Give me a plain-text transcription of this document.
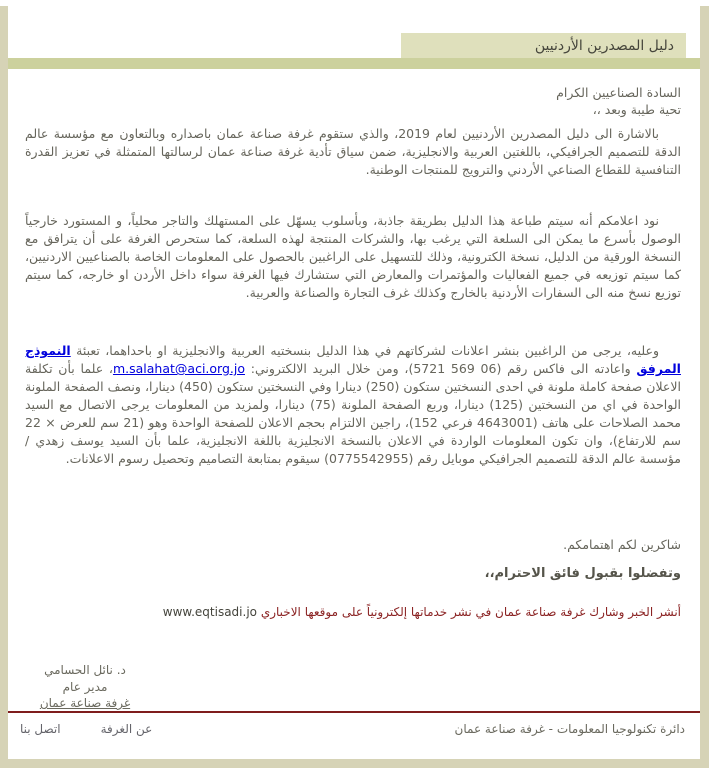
دليل المصدرين الأردنيين
السادة الصناعيين الكرام
تحية طيبة وبعد ،،

بالاشارة الى دليل المصدرين الأردنيين لعام 2019، والذي ستقوم غرفة صناعة عمان باصداره وبالتعاون مع مؤسسة عالم الدقة للتصميم الجرافيكي، باللغتين العربية والانجليزية، ضمن سياق تأدية غرفة صناعة عمان لرسالتها المتمثلة في تعزيز القدرة التنافسية للقطاع الصناعي الأردني والترويج للمنتجات الوطنية.

نود اعلامكم أنه سيتم طباعة هذا الدليل بطريقة جاذبة، وبأسلوب يسهّل على المستهلك والتاجر محلياً، و المستورد خارجياً الوصول بأسرع ما يمكن الى السلعة التي يرغب بها، والشركات المنتجة لهذه السلعة، كما ستحرص الغرفة على أن يترافق مع النسخة الورقية من الدليل، نسخة الكترونية، وذلك للتسهيل على الراغبين بالحصول على المعلومات الخاصة بالصناعيين الاردنيين، كما سيتم توزيعه في جميع الفعاليات والمؤتمرات والمعارض التي ستشارك فيها الغرفة سواء داخل الأردن او خارجه، كما سيتم توزيع نسخ منه الى السفارات الأردنية بالخارج وكذلك غرف التجارة والصناعة والعربية.

وعليه، يرجى من الراغبين بنشر اعلانات لشركاتهم في هذا الدليل بنسختيه العربية والانجليزية او باحداهما، تعبئة النموذج المرفق واعادته الى فاكس رقم (06 569 5721)، ومن خلال البريد الالكتروني: m.salahat@aci.org.jo، علما بأن تكلفة الاعلان صفحة كاملة ملونة في احدى النسختين ستكون (250) دينارا وفي النسختين ستكون (450) دينارا، ونصف الصفحة الملونة الواحدة في اي من النسختين (125) دينارا، وربع الصفحة الملونة (75) دينارا، ولمزيد من المعلومات يرجى الاتصال مع السيد محمد الصلاحات على هاتف (4643001 فرعي 152)، راجين الالتزام بحجم الاعلان للصفحة الواحدة وهو (21 سم للعرض × 22 سم للارتفاع)، وان تكون المعلومات الواردة في الاعلان بالنسخة الانجليزية باللغة الانجليزية، علما بأن السيد يوسف زهدي / مؤسسة عالم الدقة للتصميم الجرافيكي موبايل رقم (0775542955) سيقوم بمتابعة التصاميم وتحصيل رسوم الاعلانات.

شاكرين لكم اهتمامكم.
وتفضلوا بقبول فائق الاحترام،،
أنشر الخبر وشارك غرفة صناعة عمان في نشر خدماتها إلكترونياً على موقعها الاخباري www.eqtisadi.jo
د. نائل الحسامي
مدير عام
غرفة صناعة عمان
اتصل بنا	عن الغرفة	دائرة تكنولوجيا المعلومات - غرفة صناعة عمان
